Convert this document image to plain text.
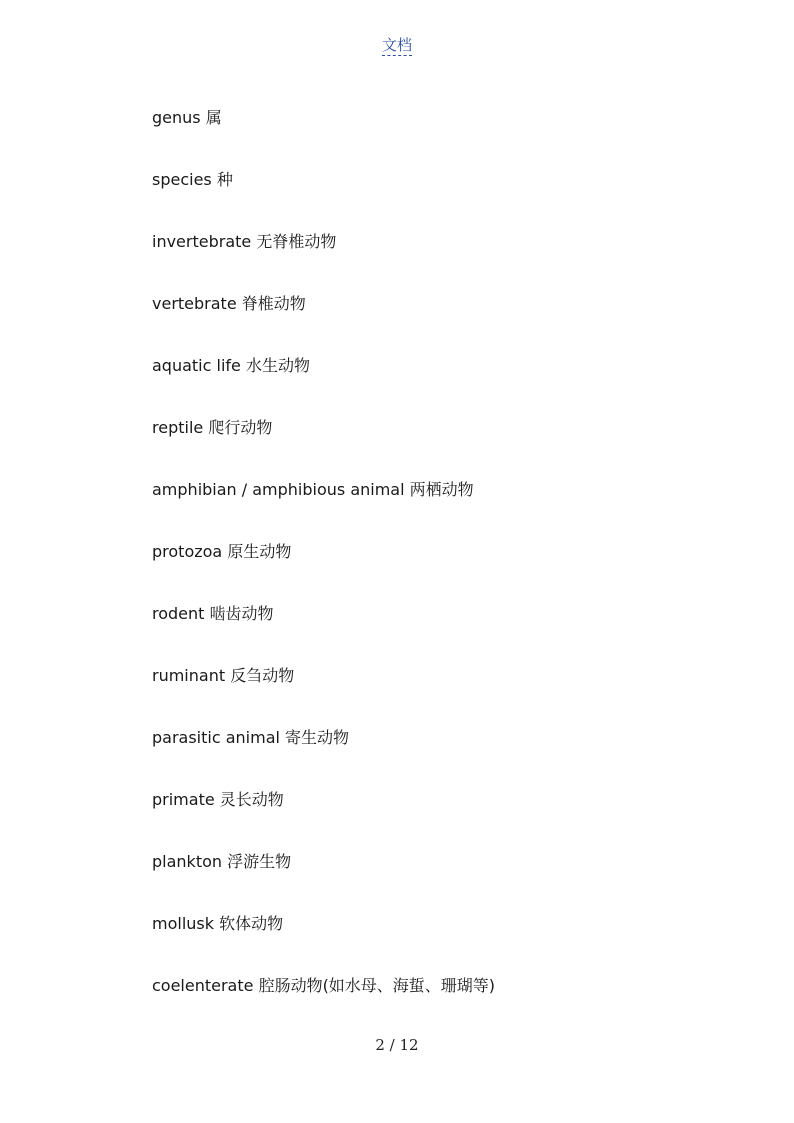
文档
genus 属
species 种
invertebrate 无脊椎动物
vertebrate 脊椎动物
aquatic life 水生动物
reptile 爬行动物
amphibian / amphibious animal 两栖动物
protozoa 原生动物
rodent 啮齿动物
ruminant 反刍动物
parasitic animal 寄生动物
primate 灵长动物
plankton 浮游生物
mollusk 软体动物
coelenterate 腔肠动物(如水母、海蜇、珊瑚等)
2 / 12
